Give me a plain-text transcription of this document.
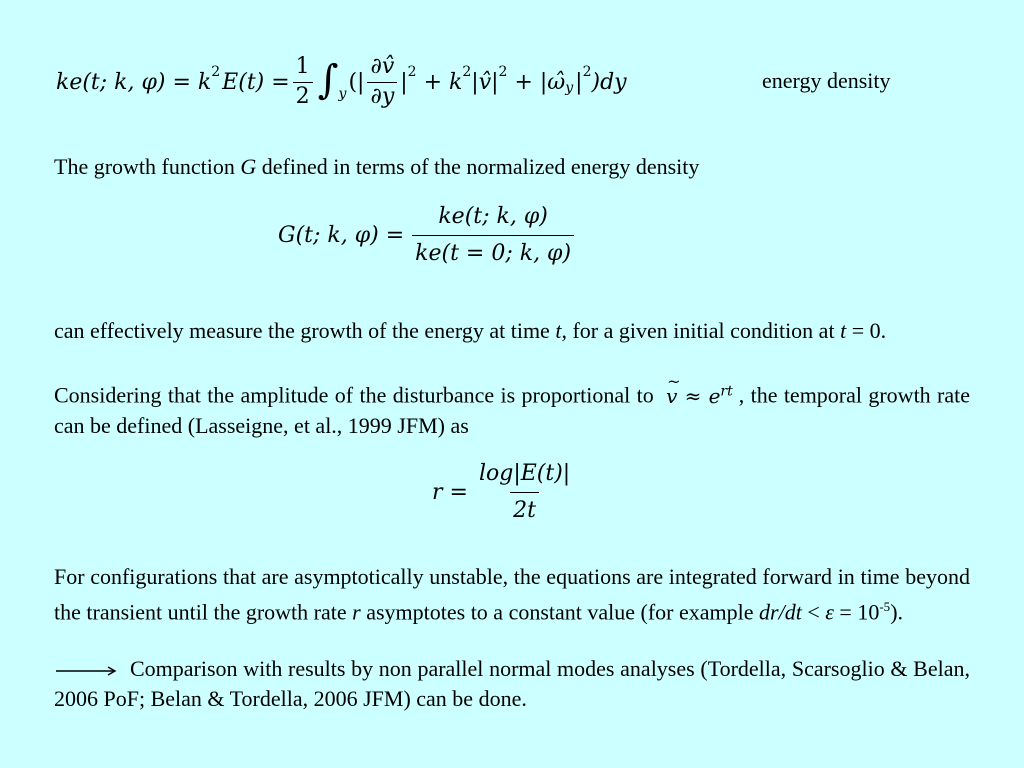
ke(t; k, φ) = k 2 $E(t) = \frac{1}{2}$ ∫ y (| $\frac{\partial v̂}{\partial y}$ | 2 + k 2 |v̂| 2 + |ω̂ y | 2 )dy	energy density
The growth function G defined in terms of the normalized energy density
G(t; k, $\varphi) = \frac{ke(t; k, \varphi)}{ke(t = 0; k, \varphi)}$
can effectively measure the growth of the energy at time t, for a given initial condition at t = 0.
Considering that the amplitude of the disturbance is proportional to ~ $v \approx e^{rt}$ , the temporal growth rate can be defined (Lasseigne, et al., 1999 JFM) as
$r = \frac{\log|E(t)|}{2t}$
For configurations that are asymptotically unstable, the equations are integrated forward in time beyond the transient until the growth rate r asymptotes to a constant value (for example $dr/dt < \varepsilon = 10^{-5}$).
Comparison with results by non parallel normal modes analyses (Tordella, Scarsoglio & Belan, 2006 PoF; Belan & Tordella, 2006 JFM) can be done.
